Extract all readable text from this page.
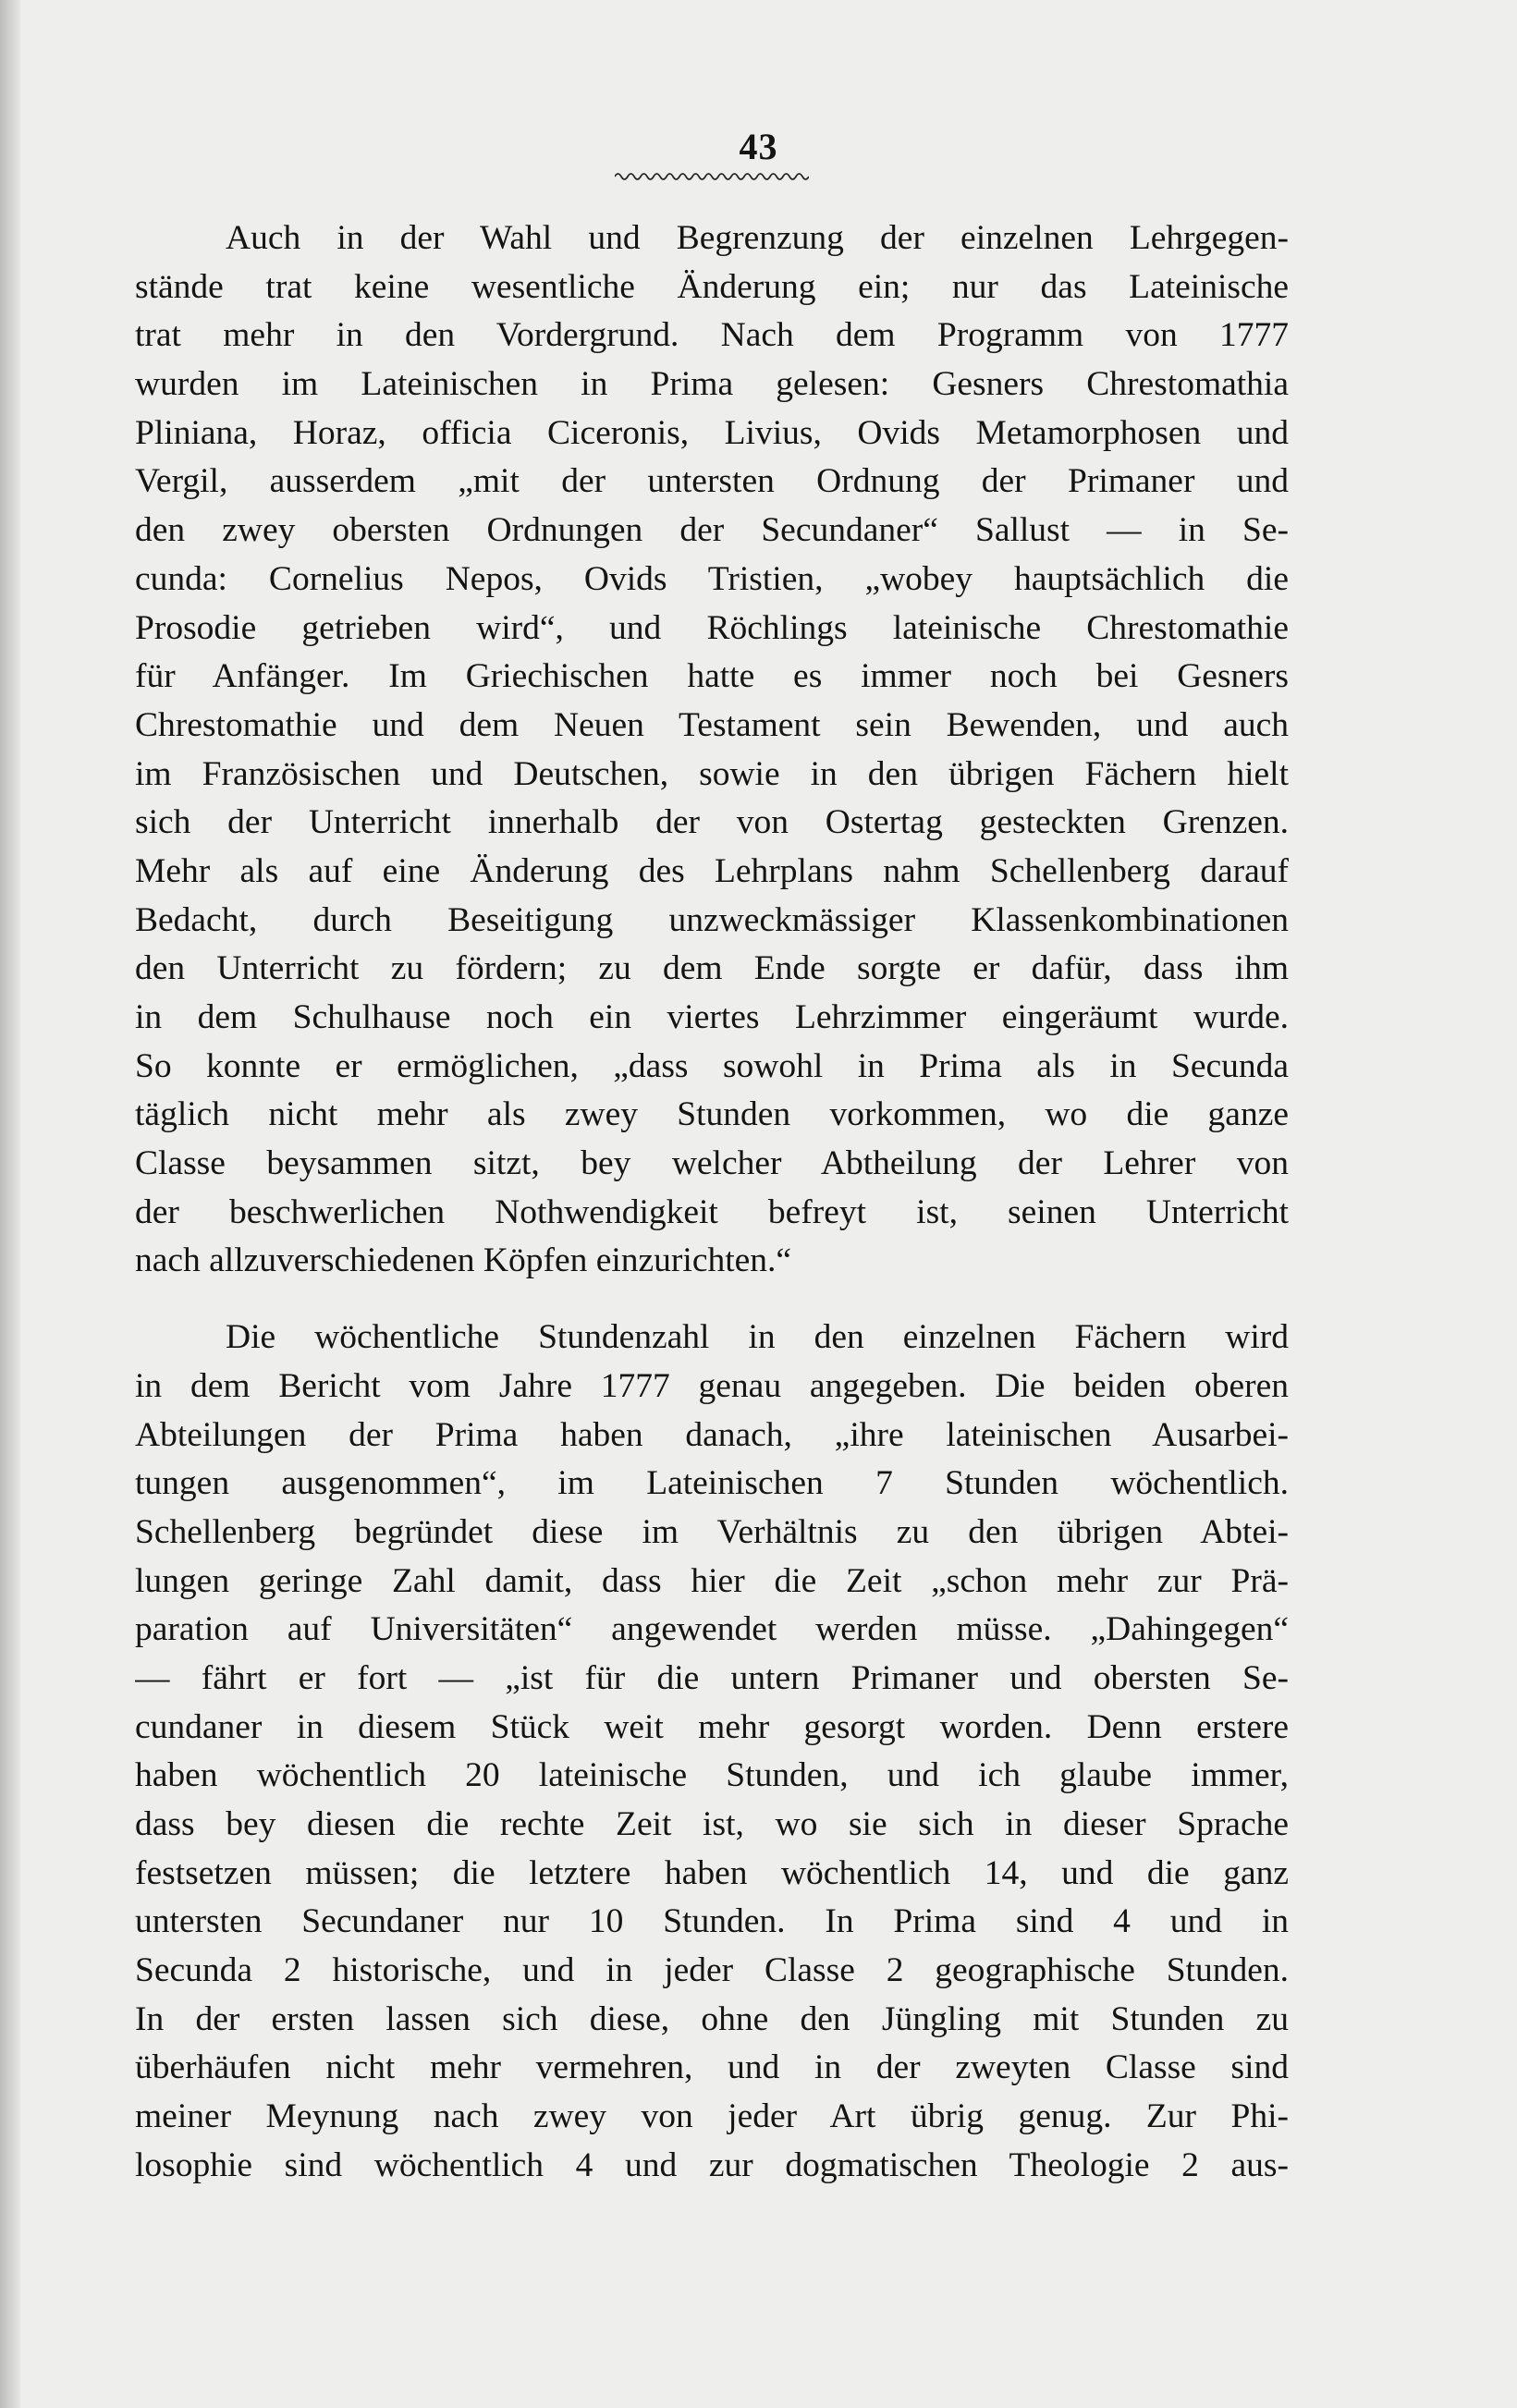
43
Auch in der Wahl und Begrenzung der einzelnen Lehrgegen-
stände trat keine wesentliche Änderung ein; nur das Lateinische
trat mehr in den Vordergrund. Nach dem Programm von 1777
wurden im Lateinischen in Prima gelesen: Gesners Chrestomathia
Pliniana, Horaz, officia Ciceronis, Livius, Ovids Metamorphosen und
Vergil, ausserdem „mit der untersten Ordnung der Primaner und
den zwey obersten Ordnungen der Secundaner“ Sallust — in Se-
cunda: Cornelius Nepos, Ovids Tristien, „wobey hauptsächlich die
Prosodie getrieben wird“, und Röchlings lateinische Chrestomathie
für Anfänger. Im Griechischen hatte es immer noch bei Gesners
Chrestomathie und dem Neuen Testament sein Bewenden, und auch
im Französischen und Deutschen, sowie in den übrigen Fächern hielt
sich der Unterricht innerhalb der von Ostertag gesteckten Grenzen.
Mehr als auf eine Änderung des Lehrplans nahm Schellenberg darauf
Bedacht, durch Beseitigung unzweckmässiger Klassenkombinationen
den Unterricht zu fördern; zu dem Ende sorgte er dafür, dass ihm
in dem Schulhause noch ein viertes Lehrzimmer eingeräumt wurde.
So konnte er ermöglichen, „dass sowohl in Prima als in Secunda
täglich nicht mehr als zwey Stunden vorkommen, wo die ganze
Classe beysammen sitzt, bey welcher Abtheilung der Lehrer von
der beschwerlichen Nothwendigkeit befreyt ist, seinen Unterricht
nach allzuverschiedenen Köpfen einzurichten.“
Die wöchentliche Stundenzahl in den einzelnen Fächern wird
in dem Bericht vom Jahre 1777 genau angegeben. Die beiden oberen
Abteilungen der Prima haben danach, „ihre lateinischen Ausarbei-
tungen ausgenommen“, im Lateinischen 7 Stunden wöchentlich.
Schellenberg begründet diese im Verhältnis zu den übrigen Abtei-
lungen geringe Zahl damit, dass hier die Zeit „schon mehr zur Prä-
paration auf Universitäten“ angewendet werden müsse. „Dahingegen“
— fährt er fort — „ist für die untern Primaner und obersten Se-
cundaner in diesem Stück weit mehr gesorgt worden. Denn erstere
haben wöchentlich 20 lateinische Stunden, und ich glaube immer,
dass bey diesen die rechte Zeit ist, wo sie sich in dieser Sprache
festsetzen müssen; die letztere haben wöchentlich 14, und die ganz
untersten Secundaner nur 10 Stunden. In Prima sind 4 und in
Secunda 2 historische, und in jeder Classe 2 geographische Stunden.
In der ersten lassen sich diese, ohne den Jüngling mit Stunden zu
überhäufen nicht mehr vermehren, und in der zweyten Classe sind
meiner Meynung nach zwey von jeder Art übrig genug. Zur Phi-
losophie sind wöchentlich 4 und zur dogmatischen Theologie 2 aus-
